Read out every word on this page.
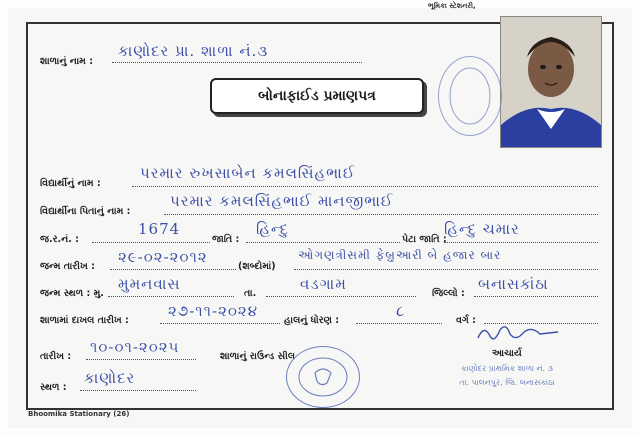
ભૂમિકા સ્ટેશનરી,
શાળાનું નામ :
કાણોદર પ્રા. શાળા નં.૩
બોનાફાઈડ પ્રમાણપત્ર
વિદ્યાર્થીનું નામ :
પરમાર રુખસાબેન કમલસિંહભાઈ
વિદ્યાર્થીના પિતાનું નામ :
પરમાર કમલસિંહભાઈ માનજીભાઈ
જ.ર.નં. :
1674
જાતિ :
હિન્દુ
પેટા જાતિ :
હિન્દુ ચમાર
જન્મ તારીખ :
૨૯-૦૨-૨૦૧૨
(શબ્દોમાં)
ઓગણત્રીસમી ફેબ્રુઆરી બે હજાર બાર
જન્મ સ્થળ : મુ.
મુમનવાસ
તા.
વડગામ
જિલ્લો :
બનાસકાંઠા
શાળામાં દાખલ તારીખ :
૨૭-૧૧-૨૦૨૪
હાલનું ધોરણ :
૮
વર્ગ :
તારીખ :
૧૦-૦૧-૨૦૨૫
શાળાનું રાઉન્ડ સીલ
સ્થળ :
કાણોદર
આચાર્ય
કાણોદર પ્રાથમિક શાળા નં. ૩
તા. પાલનપુર, જિ. બનાસકાંઠા
Bhoomika Stationary (26)
